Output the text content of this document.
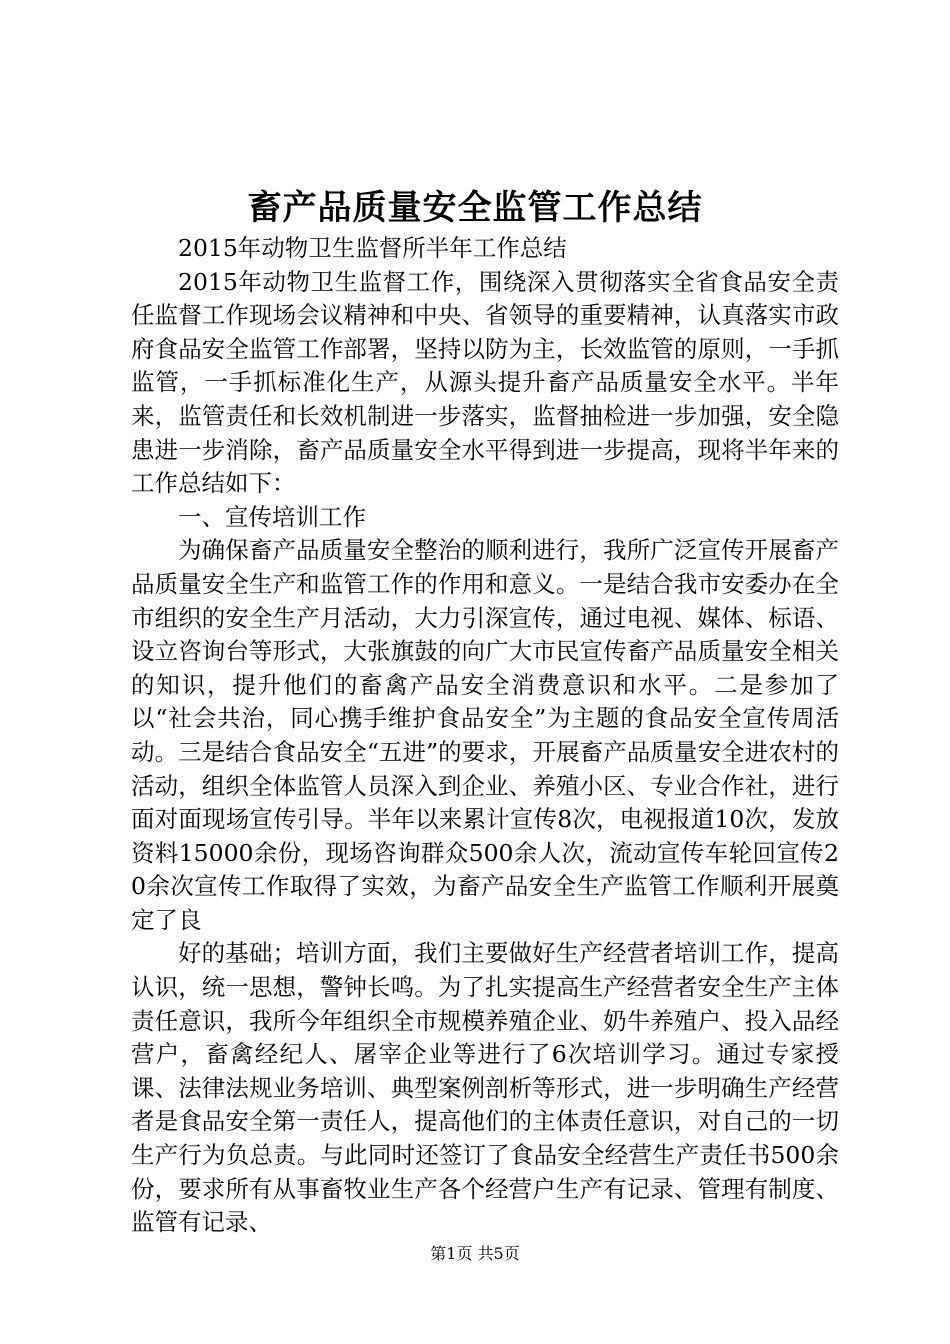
畜产品质量安全监管工作总结

2015年动物卫生监督所半年工作总结

2015年动物卫生监督工作，围绕深入贯彻落实全省食品安全责任监督工作现场会议精神和中央、省领导的重要精神，认真落实市政府食品安全监管工作部署，坚持以防为主，长效监管的原则，一手抓监管，一手抓标准化生产，从源头提升畜产品质量安全水平。半年来，监管责任和长效机制进一步落实，监督抽检进一步加强，安全隐患进一步消除，畜产品质量安全水平得到进一步提高，现将半年来的工作总结如下：

一、宣传培训工作

为确保畜产品质量安全整治的顺利进行，我所广泛宣传开展畜产品质量安全生产和监管工作的作用和意义。一是结合我市安委办在全市组织的安全生产月活动，大力引深宣传，通过电视、媒体、标语、设立咨询台等形式，大张旗鼓的向广大市民宣传畜产品质量安全相关的知识，提升他们的畜禽产品安全消费意识和水平。二是参加了以“社会共治，同心携手维护食品安全”为主题的食品安全宣传周活动。三是结合食品安全“五进”的要求，开展畜产品质量安全进农村的活动，组织全体监管人员深入到企业、养殖小区、专业合作社，进行面对面现场宣传引导。半年以来累计宣传8次，电视报道10次，发放资料15000余份，现场咨询群众500余人次，流动宣传车轮回宣传20余次宣传工作取得了实效，为畜产品安全生产监管工作顺利开展奠定了良

好的基础；培训方面，我们主要做好生产经营者培训工作，提高认识，统一思想，警钟长鸣。为了扎实提高生产经营者安全生产主体责任意识，我所今年组织全市规模养殖企业、奶牛养殖户、投入品经营户，畜禽经纪人、屠宰企业等进行了6次培训学习。通过专家授课、法律法规业务培训、典型案例剖析等形式，进一步明确生产经营者是食品安全第一责任人，提高他们的主体责任意识，对自己的一切生产行为负总责。与此同时还签订了食品安全经营生产责任书500余份，要求所有从事畜牧业生产各个经营户生产有记录、管理有制度、监管有记录、

第1页 共5页
